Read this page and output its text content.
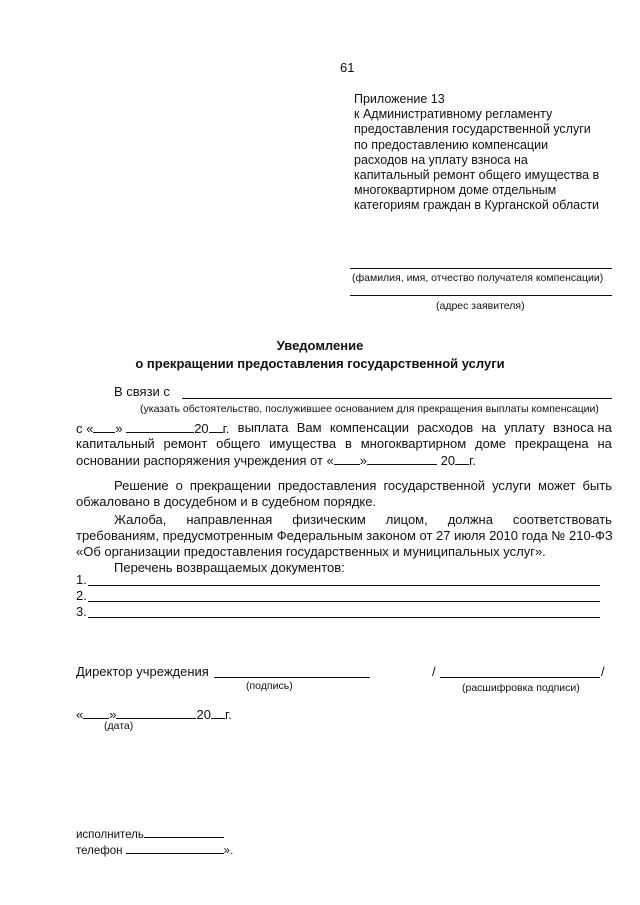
61
Приложение 13
к Административному регламенту
предоставления государственной услуги
по предоставлению компенсации
расходов на уплату взноса на
капитальный ремонт общего имущества в
многоквартирном доме отдельным
категориям граждан в Курганской области
(фамилия, имя, отчество получателя компенсации)
(адрес заявителя)
Уведомление
о прекращении предоставления государственной услуги
В связи с
(указать обстоятельство, послужившее основанием для прекращения выплаты компенсации)
с « »	20 г. выплата Вам компенсации расходов на уплату взноса на
капитальный ремонт общего имущества в многоквартирном доме прекращена на
основании распоряжения учреждения от « »	20 г.
Решение о прекращении предоставления государственной услуги может быть
обжаловано в досудебном и в судебном порядке.
Жалоба, направленная физическим лицом, должна соответствовать
требованиям, предусмотренным Федеральным законом от 27 июля 2010 года № 210-ФЗ
«Об организации предоставления государственных и муниципальных услуг».
Перечень возвращаемых документов:
1.
2.
3.
Директор учреждения
(подпись)
/	/
(расшифровка подписи)
« »	20 г.
(дата)
исполнитель
телефон	».
